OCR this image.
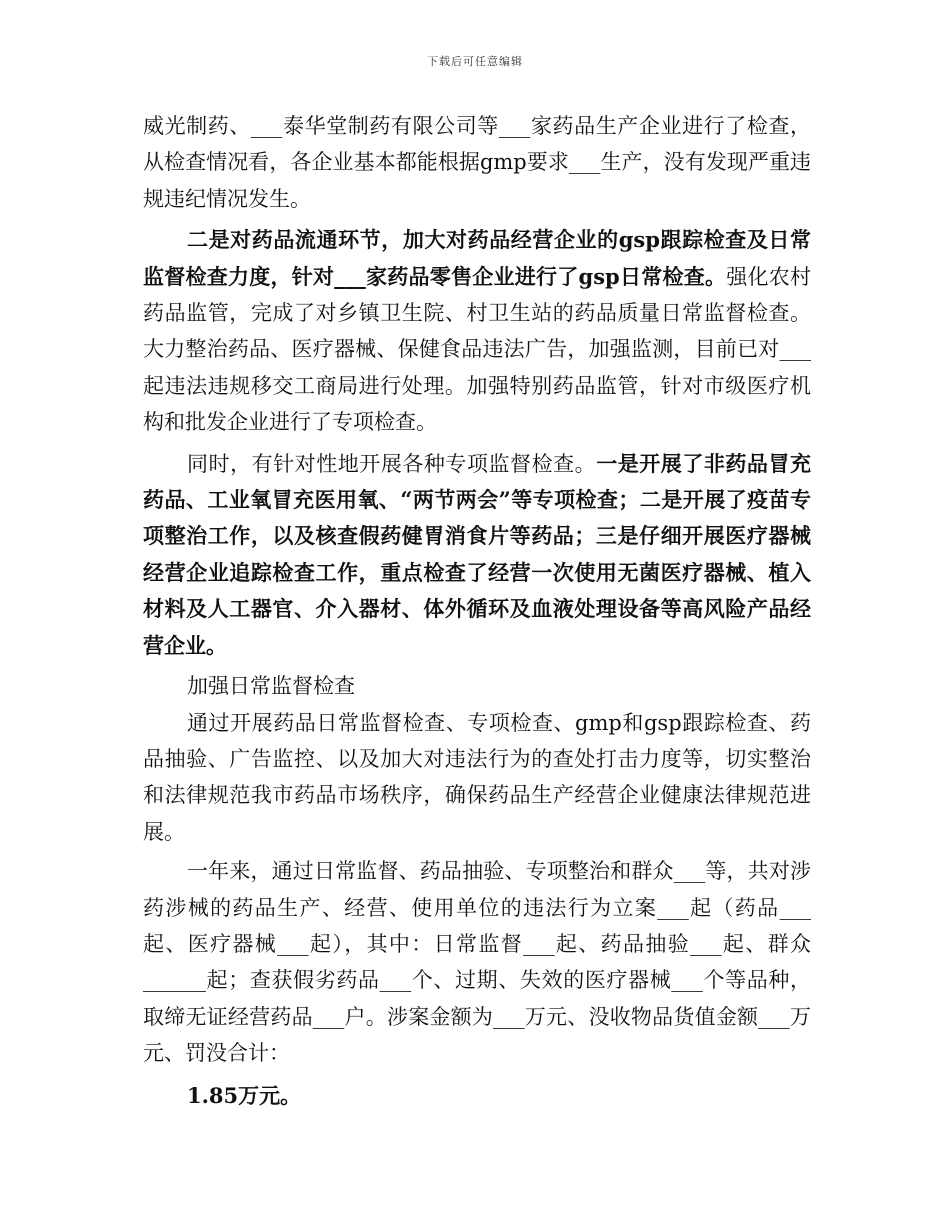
下载后可任意编辑

威光制药、___泰华堂制药有限公司等___家药品生产企业进行了检查，从检查情况看，各企业基本都能根据gmp要求___生产，没有发现严重违规违纪情况发生。

二是对药品流通环节，加大对药品经营企业的gsp跟踪检查及日常监督检查力度，针对___家药品零售企业进行了gsp日常检查。强化农村药品监管，完成了对乡镇卫生院、村卫生站的药品质量日常监督检查。大力整治药品、医疗器械、保健食品违法广告，加强监测，目前已对___起违法违规移交工商局进行处理。加强特别药品监管，针对市级医疗机构和批发企业进行了专项检查。

同时，有针对性地开展各种专项监督检查。一是开展了非药品冒充药品、工业氧冒充医用氧、“两节两会”等专项检查；二是开展了疫苗专项整治工作，以及核查假药健胃消食片等药品；三是仔细开展医疗器械经营企业追踪检查工作，重点检查了经营一次使用无菌医疗器械、植入材料及人工器官、介入器材、体外循环及血液处理设备等高风险产品经营企业。

加强日常监督检查

通过开展药品日常监督检查、专项检查、gmp和gsp跟踪检查、药品抽验、广告监控、以及加大对违法行为的查处打击力度等，切实整治和法律规范我市药品市场秩序，确保药品生产经营企业健康法律规范进展。

一年来，通过日常监督、药品抽验、专项整治和群众___等，共对涉药涉械的药品生产、经营、使用单位的违法行为立案___起（药品___起、医疗器械___起），其中：日常监督___起、药品抽验___起、群众______起；查获假劣药品___个、过期、失效的医疗器械___个等品种，取缔无证经营药品___户。涉案金额为___万元、没收物品货值金额___万元、罚没合计：

1.85万元。
